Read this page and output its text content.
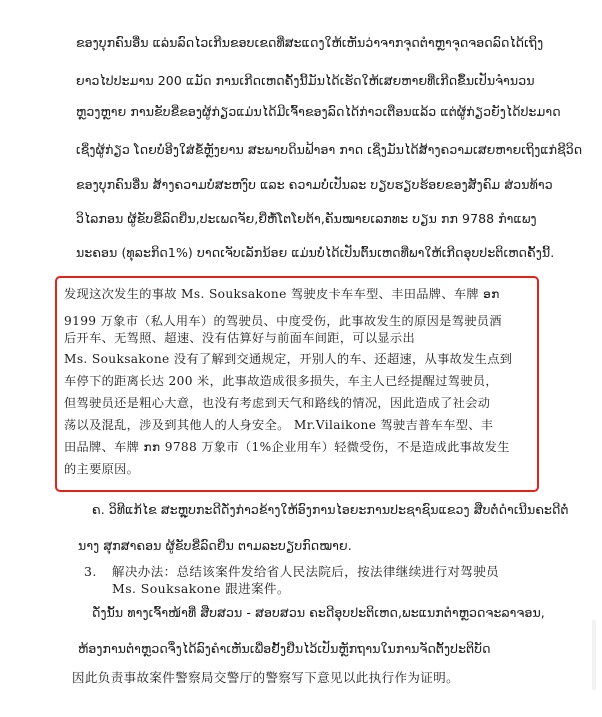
ຂອງບຸກຄົນອື່ນ ແລ່ນລົດໄວເກີນຂອບເຂດທີ່ສະແດງໃຫ້ເຫັນວ່າຈາກຈຸດຕຳຫຼາຈຸດຈອດລົດໄດ້ເຖິງ
ຍາວໄປປະມານ 200 ແມັດ ການເກີດເຫດຄັ້ງນີ້ມັນໄດ້ເຮັດໃຫ້ເສຍຫາຍທີ່ເກີດຂຶ້ນເປັນຈຳນວນ
ຫຼວງຫຼາຍ ການຂັບຂີ່ຂອງຜູ້ກ່ຽວແມ່ນໄດ້ມີເຈົ້າຂອງລົດໄດ້ກ່າວເຕືອນແລ້ວ ແຕ່ຜູ້ກ່ຽວຍັງໄດ້ປະມາດ
ເຊິ່ງຜູ້ກ່ຽວ ໂດຍບໍ່ອີງໃສ່ຂໍ້ຫຼັງຍານ ສະພາບດິນຟ້າອາ ກາດ ເຊິ່ງມັນໄດ້ສ້າງຄວາມເສຍຫາຍເຖິງແກ່ຊີວິດ
ຂອງບຸກຄົນອື່ນ ສ້າງຄວາມບໍ່ສະຫງົບ ແລະ ຄວາມບໍ່ເປັນລະ ບຽບຮຽບຮ້ອຍຂອງສັງຄົມ ສ່ວນທ້າວ
ວິໄລກອນ ຜູ້ຂັບຂີ່ລົດຍີ່ນ,ປະເພດຈັຍ,ຍີ່ຫໍ້ໂຕໂຍຕ້າ,ຄັນໝາຍເລກທະ ບຽນ ກກ 9788 ກຳແພງ
ນະຄອນ (ທຸລະກິດ1%) ບາດເຈັບເລັກນ້ອຍ ແມ່ນບໍ່ໄດ້ເປັນຕົ້ນເຫດທີ່ພາໃຫ້ເກີດອຸບປະຕິເຫດຄັ້ງນີ້.
发现这次发生的事故 Ms. Souksakone 驾驶皮卡车车型、丰田品牌、车牌 ອກ
9199 万象市（私人用车）的驾驶员、中度受伤，此事故发生的原因是驾驶员酒
后开车、无驾照、超速、没有估算好与前面车间距，可以显示出
Ms. Souksakone 没有了解到交通规定，开别人的车、还超速，从事故发生点到
车停下的距离长达 200 米，此事故造成很多损失，车主人已经提醒过驾驶员，
但驾驶员还是粗心大意，也没有考虑到天气和路线的情况，因此造成了社会动
荡以及混乱，涉及到其他人的人身安全。 Mr.Vilaikone 驾驶吉普车车型、丰
田品牌、车牌 ກກ 9788 万象市（1%企业用车）轻微受伤，不是造成此事故发生
的主要原因。
ຄ. ວິທີແກ້ໄຂ ສະຫຼຸບກະດີດັ່ງກ່າວຂ້າງໃຫ້ອົງການໄອຍະການປະຊາຊົນແຂວງ ສືບຕໍ່ດຳເນີນຄະດີຕໍ່
ນາງ ສຸກສາຄອນ ຜູ້ຂັບຂີ່ລົດຍີ່ນ ຕາມລະບຽບກົດໝາຍ.
3. 解决办法：总结该案件发给省人民法院后，按法律继续进行对驾驶员
Ms. Souksakone 跟进案件。
ດັ່ງນັ້ນ ທາງເຈົ້າໜ້າທີ່ ສືບສວນ - ສອບສວນ ຄະດີອຸບປະຕິເຫດ,ພະແນກຕຳຫຼວດຈະລາຈອນ,
ຫ້ອງການຕຳຫຼວດຈຶ່ງໄດ້ລົງຄຳເຫັນເພື່ອຢັ້ງຢືນໄວ້ເປັນຫຼັກຖານໃນການຈັດຕັ້ງປະຕິບັດ
因此负责事故案件警察局交警厅的警察写下意见以此执行作为证明。
